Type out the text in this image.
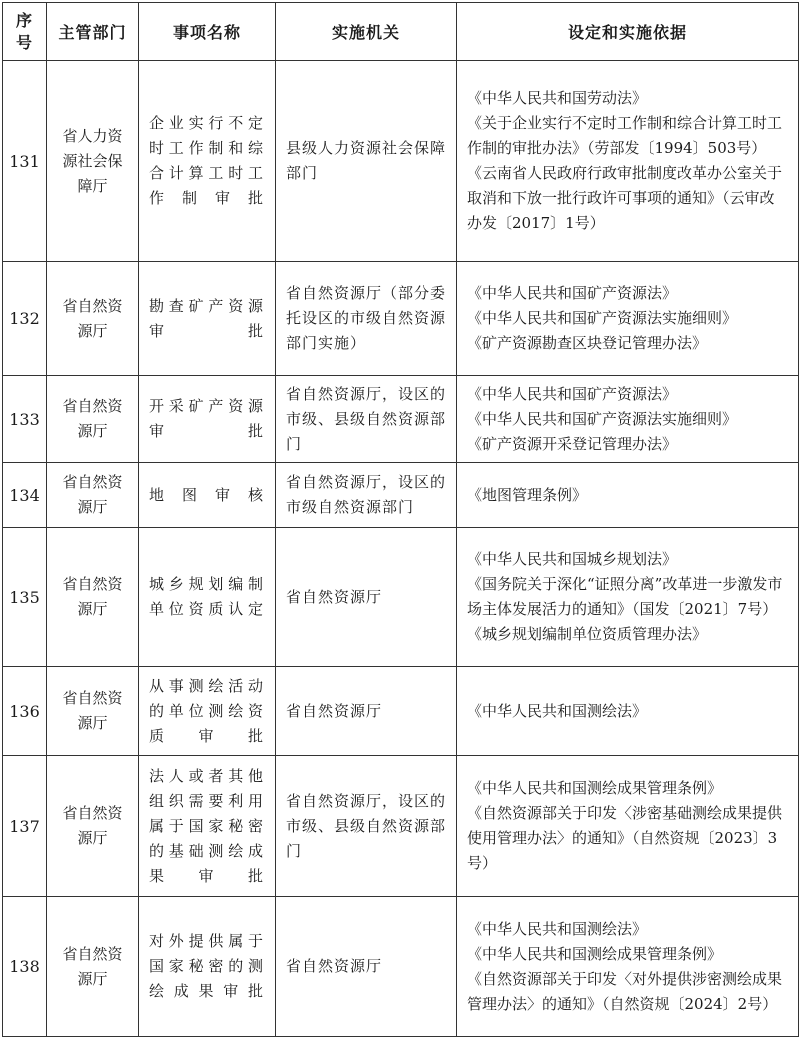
序
号	主管部门	事项名称	实施机关	设定和实施依据
131	省人力资源社会保障厅	企业实行不定时工作制和综合计算工时工作制审批	县级人力资源社会保障部门	《中华人民共和国劳动法》
《关于企业实行不定时工作制和综合计算工时工作制的审批办法》（劳部发〔1994〕503号）
《云南省人民政府行政审批制度改革办公室关于取消和下放一批行政许可事项的通知》（云审改办发〔2017〕1号）

132	省自然资源厅	勘查矿产资源审批	省自然资源厅（部分委托设区的市级自然资源部门实施）	《中华人民共和国矿产资源法》
《中华人民共和国矿产资源法实施细则》
《矿产资源勘查区块登记管理办法》

133	省自然资源厅	开采矿产资源审批	省自然资源厅，设区的市级、县级自然资源部门	《中华人民共和国矿产资源法》
《中华人民共和国矿产资源法实施细则》
《矿产资源开采登记管理办法》

134	省自然资源厅	地图审核	省自然资源厅，设区的市级自然资源部门	《地图管理条例》

135	省自然资源厅	城乡规划编制单位资质认定	省自然资源厅	《中华人民共和国城乡规划法》
《国务院关于深化“证照分离”改革进一步激发市场主体发展活力的通知》（国发〔2021〕7号）
《城乡规划编制单位资质管理办法》

136	省自然资源厅	从事测绘活动的单位测绘资质审批	省自然资源厅	《中华人民共和国测绘法》

137	省自然资源厅	法人或者其他组织需要利用属于国家秘密的基础测绘成果审批	省自然资源厅，设区的市级、县级自然资源部门	《中华人民共和国测绘成果管理条例》
《自然资源部关于印发〈涉密基础测绘成果提供使用管理办法〉的通知》（自然资规〔2023〕3号）

138	省自然资源厅	对外提供属于国家秘密的测绘成果审批	省自然资源厅	《中华人民共和国测绘法》
《中华人民共和国测绘成果管理条例》
《自然资源部关于印发〈对外提供涉密测绘成果管理办法〉的通知》（自然资规〔2024〕2号）
